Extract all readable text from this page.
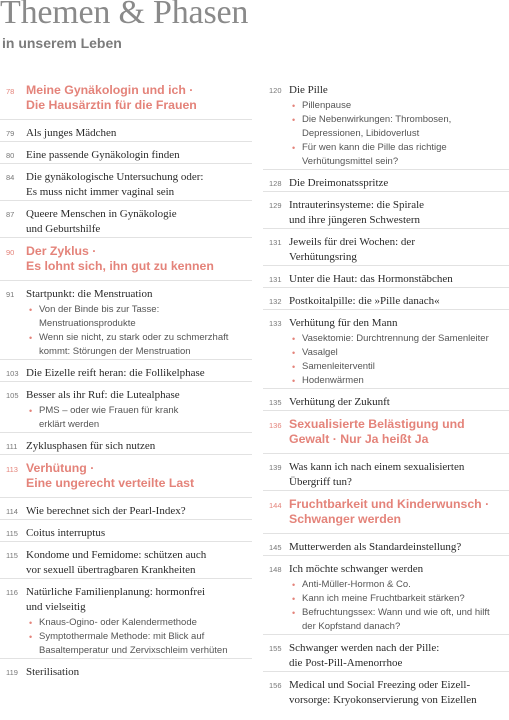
Themen & Phasen
in unserem Leben
78 Meine Gynäkologin und ich ·
Die Hausärztin für die Frauen
79 Als junges Mädchen
80 Eine passende Gynäkologin finden
84 Die gynäkologische Untersuchung oder:
Es muss nicht immer vaginal sein
87 Queere Menschen in Gynäkologie
und Geburtshilfe
90 Der Zyklus ·
Es lohnt sich, ihn gut zu kennen
91 Startpunkt: die Menstruation
• Von der Binde bis zur Tasse:
Menstruationsprodukte
• Wenn sie nicht, zu stark oder zu schmerzhaft
kommt: Störungen der Menstruation
103 Die Eizelle reift heran: die Follikelphase
105 Besser als ihr Ruf: die Lutealphase
• PMS – oder wie Frauen für krank
erklärt werden
111 Zyklusphasen für sich nutzen
113 Verhütung ·
Eine ungerecht verteilte Last
114 Wie berechnet sich der Pearl-Index?
115 Coitus interruptus
115 Kondome und Femidome: schützen auch
vor sexuell übertragbaren Krankheiten
116 Natürliche Familienplanung: hormonfrei
und vielseitig
• Knaus-Ogino- oder Kalendermethode
• Symptothermale Methode: mit Blick auf
Basaltemperatur und Zervixschleim verhüten
119 Sterilisation
120 Die Pille
• Pillenpause
• Die Nebenwirkungen: Thrombosen,
Depressionen, Libidoverlust
• Für wen kann die Pille das richtige
Verhütungsmittel sein?
128 Die Dreimonatsspritze
129 Intrauterinsysteme: die Spirale
und ihre jüngeren Schwestern
131 Jeweils für drei Wochen: der
Verhütungsring
131 Unter die Haut: das Hormonstäbchen
132 Postkoitalpille: die »Pille danach«
133 Verhütung für den Mann
• Vasektomie: Durchtrennung der Samenleiter
• Vasalgel
• Samenleiterventil
• Hodenwärmen
135 Verhütung der Zukunft
136 Sexualisierte Belästigung und
Gewalt · Nur Ja heißt Ja
139 Was kann ich nach einem sexualisierten
Übergriff tun?
144 Fruchtbarkeit und Kinderwunsch ·
Schwanger werden
145 Mutterwerden als Standardeinstellung?
148 Ich möchte schwanger werden
• Anti-Müller-Hormon & Co.
• Kann ich meine Fruchtbarkeit stärken?
• Befruchtungssex: Wann und wie oft, und hilft
der Kopfstand danach?
155 Schwanger werden nach der Pille:
die Post-Pill-Amenorrhoe
156 Medical und Social Freezing oder Eizell-
vorsorge: Kryokonservierung von Eizellen
